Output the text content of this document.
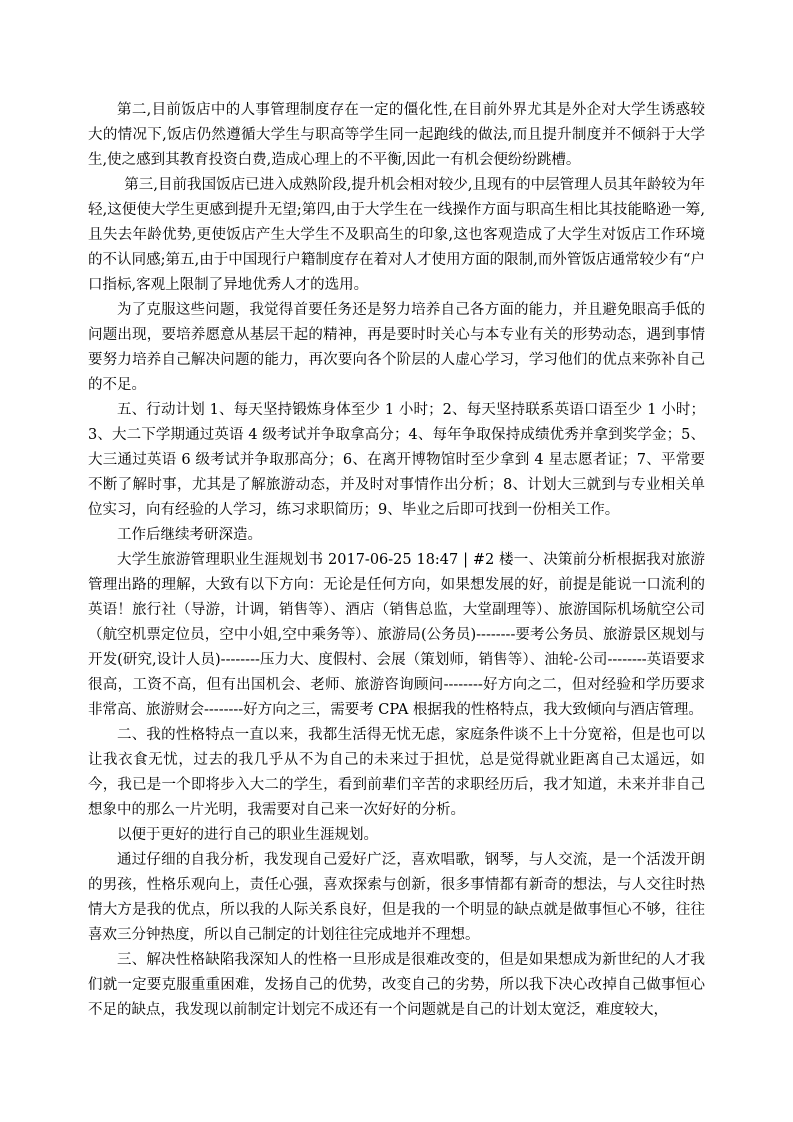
第二,目前饭店中的人事管理制度存在一定的僵化性,在目前外界尤其是外企对大学生诱惑较大的情况下,饭店仍然遵循大学生与职高等学生同一起跑线的做法,而且提升制度并不倾斜于大学生,使之感到其教育投资白费,造成心理上的不平衡,因此一有机会便纷纷跳槽。

第三,目前我国饭店已进入成熟阶段,提升机会相对较少,且现有的中层管理人员其年龄较为年轻,这便使大学生更感到提升无望;第四,由于大学生在一线操作方面与职高生相比其技能略逊一筹,且失去年龄优势,更使饭店产生大学生不及职高生的印象,这也客观造成了大学生对饭店工作环境的不认同感;第五,由于中国现行户籍制度存在着对人才使用方面的限制,而外管饭店通常较少有“户口指标,客观上限制了异地优秀人才的选用。

为了克服这些问题，我觉得首要任务还是努力培养自己各方面的能力，并且避免眼高手低的问题出现，要培养愿意从基层干起的精神，再是要时时关心与本专业有关的形势动态，遇到事情要努力培养自己解决问题的能力，再次要向各个阶层的人虚心学习，学习他们的优点来弥补自己的不足。

五、行动计划 1、每天坚持锻炼身体至少 1 小时；2、每天坚持联系英语口语至少 1 小时；3、大二下学期通过英语 4 级考试并争取拿高分；4、每年争取保持成绩优秀并拿到奖学金；5、大三通过英语 6 级考试并争取那高分；6、在离开博物馆时至少拿到 4 星志愿者证；7、平常要不断了解时事，尤其是了解旅游动态，并及时对事情作出分析；8、计划大三就到与专业相关单位实习，向有经验的人学习，练习求职简历；9、毕业之后即可找到一份相关工作。

工作后继续考研深造。

大学生旅游管理职业生涯规划书 2017-06-25 18:47 | #2 楼一、决策前分析根据我对旅游管理出路的理解，大致有以下方向：无论是任何方向，如果想发展的好，前提是能说一口流利的英语！旅行社（导游，计调，销售等）、酒店（销售总监，大堂副理等）、旅游国际机场航空公司（航空机票定位员，空中小姐,空中乘务等）、旅游局(公务员)--------要考公务员、旅游景区规划与开发(研究,设计人员)--------压力大、度假村、会展（策划师，销售等）、油轮-公司--------英语要求很高，工资不高，但有出国机会、老师、旅游咨询顾问--------好方向之二，但对经验和学历要求非常高、旅游财会--------好方向之三，需要考 CPA 根据我的性格特点，我大致倾向与酒店管理。

二、我的性格特点一直以来，我都生活得无忧无虑，家庭条件谈不上十分宽裕，但是也可以让我衣食无忧，过去的我几乎从不为自己的未来过于担忧，总是觉得就业距离自己太遥远，如今，我已是一个即将步入大二的学生，看到前辈们辛苦的求职经历后，我才知道，未来并非自己想象中的那么一片光明，我需要对自己来一次好好的分析。

以便于更好的进行自己的职业生涯规划。

通过仔细的自我分析，我发现自己爱好广泛，喜欢唱歌，钢琴，与人交流，是一个活泼开朗的男孩，性格乐观向上，责任心强，喜欢探索与创新，很多事情都有新奇的想法，与人交往时热情大方是我的优点，所以我的人际关系良好，但是我的一个明显的缺点就是做事恒心不够，往往喜欢三分钟热度，所以自己制定的计划往往完成地并不理想。

三、解决性格缺陷我深知人的性格一旦形成是很难改变的，但是如果想成为新世纪的人才我们就一定要克服重重困难，发扬自己的优势，改变自己的劣势，所以我下决心改掉自己做事恒心不足的缺点，我发现以前制定计划完不成还有一个问题就是自己的计划太宽泛，难度较大，
